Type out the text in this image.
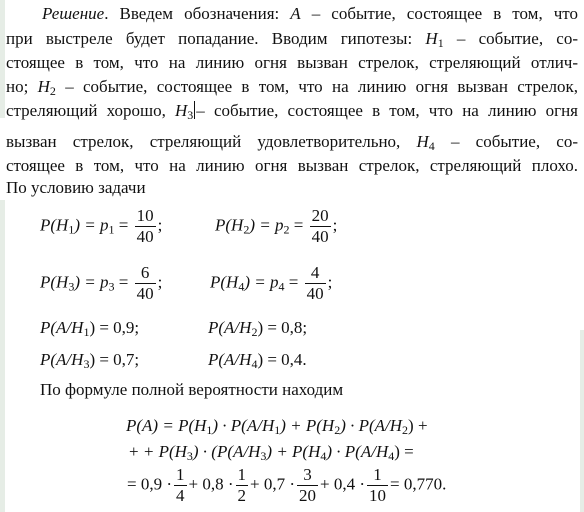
Решение. Введем обозначения: A – событие, состоящее в том, что
при выстреле будет попадание. Вводим гипотезы: $H_1$ – событие, со-
стоящее в том, что на линию огня вызван стрелок, стреляющий отлич-
но; $H_2$ – событие, состоящее в том, что на линию огня вызван стрелок,
стреляющий хорошо, $H_3$ – событие, состоящее в том, что на линию огня
вызван стрелок, стреляющий удовлетворительно, $H_4$ – событие, со-
стоящее в том, что на линию огня вызван стрелок, стреляющий плохо.
По условию задачи
$P(H_1) = p_1 = \frac{10}{40}$ ;	$P(H_2) = p_2 = \frac{20}{40}$ ;
$P(H_3) = p_3 = \frac{6}{40}$ ;	$P(H_4) = p_4 = \frac{4}{40}$ ;
$P(A/H_1) = 0,9$;	$P(A/H_2) = 0,8$;
$P(A/H_3) = 0,7$;	$P(A/H_4) = 0,4$.
По формуле полной вероятности находим
$P(A) = P(H_1) \cdot P(A/H_1) + P(H_2) \cdot P(A/H_2)$ +
+ + $P(H_3) \cdot (P(A/H_3) + P(H_4) \cdot P(A/H_4)$ =
= $0,9 \cdot \frac{1}{4} + 0,8 \cdot \frac{1}{2} + 0,7 \cdot \frac{3}{20} + 0,4 \cdot \frac{1}{10} = 0,770$.
